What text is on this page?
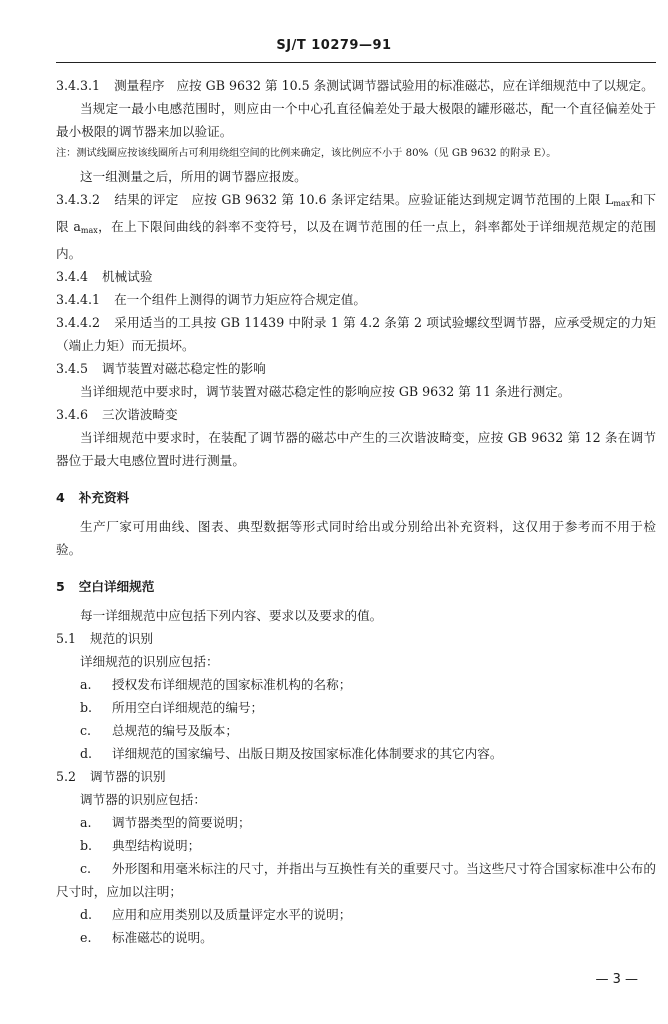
SJ/T 10279—91

3.4.3.1 测量程序 应按 GB 9632 第 10.5 条测试调节器试验用的标准磁芯，应在详细规范中了以规定。

当规定一最小电感范围时，则应由一个中心孔直径偏差处于最大极限的罐形磁芯，配一个直径偏差处于最小极限的调节器来加以验证。

注：测试线圈应按该线圈所占可利用绕组空间的比例来确定，该比例应不小于 80%（见 GB 9632 的附录 E）。

这一组测量之后，所用的调节器应报废。

3.4.3.2 结果的评定 应按 GB 9632 第 10.6 条评定结果。应验证能达到规定调节范围的上限 $L_{max}$和下限 $a_{max}$，在上下限间曲线的斜率不变符号，以及在调节范围的任一点上，斜率都处于详细规范规定的范围内。

3.4.4 机械试验

3.4.4.1 在一个组件上测得的调节力矩应符合规定值。

3.4.4.2 采用适当的工具按 GB 11439 中附录 1 第 4.2 条第 2 项试验螺纹型调节器，应承受规定的力矩（端止力矩）而无损坏。

3.4.5 调节装置对磁芯稳定性的影响

当详细规范中要求时，调节装置对磁芯稳定性的影响应按 GB 9632 第 11 条进行测定。

3.4.6 三次谐波畸变

当详细规范中要求时，在装配了调节器的磁芯中产生的三次谐波畸变，应按 GB 9632 第 12 条在调节器位于最大电感位置时进行测量。

4 补充资料

生产厂家可用曲线、图表、典型数据等形式同时给出或分别给出补充资料，这仅用于参考而不用于检验。

5 空白详细规范

每一详细规范中应包括下列内容、要求以及要求的值。

5.1 规范的识别

详细规范的识别应包括：

a. 授权发布详细规范的国家标准机构的名称；

b. 所用空白详细规范的编号；

c. 总规范的编号及版本；

d. 详细规范的国家编号、出版日期及按国家标准化体制要求的其它内容。

5.2 调节器的识别

调节器的识别应包括：

a. 调节器类型的简要说明；

b. 典型结构说明；

c. 外形图和用毫米标注的尺寸，并指出与互换性有关的重要尺寸。当这些尺寸符合国家标准中公布的尺寸时，应加以注明；

d. 应用和应用类别以及质量评定水平的说明；

e. 标准磁芯的说明。

— 3 —
